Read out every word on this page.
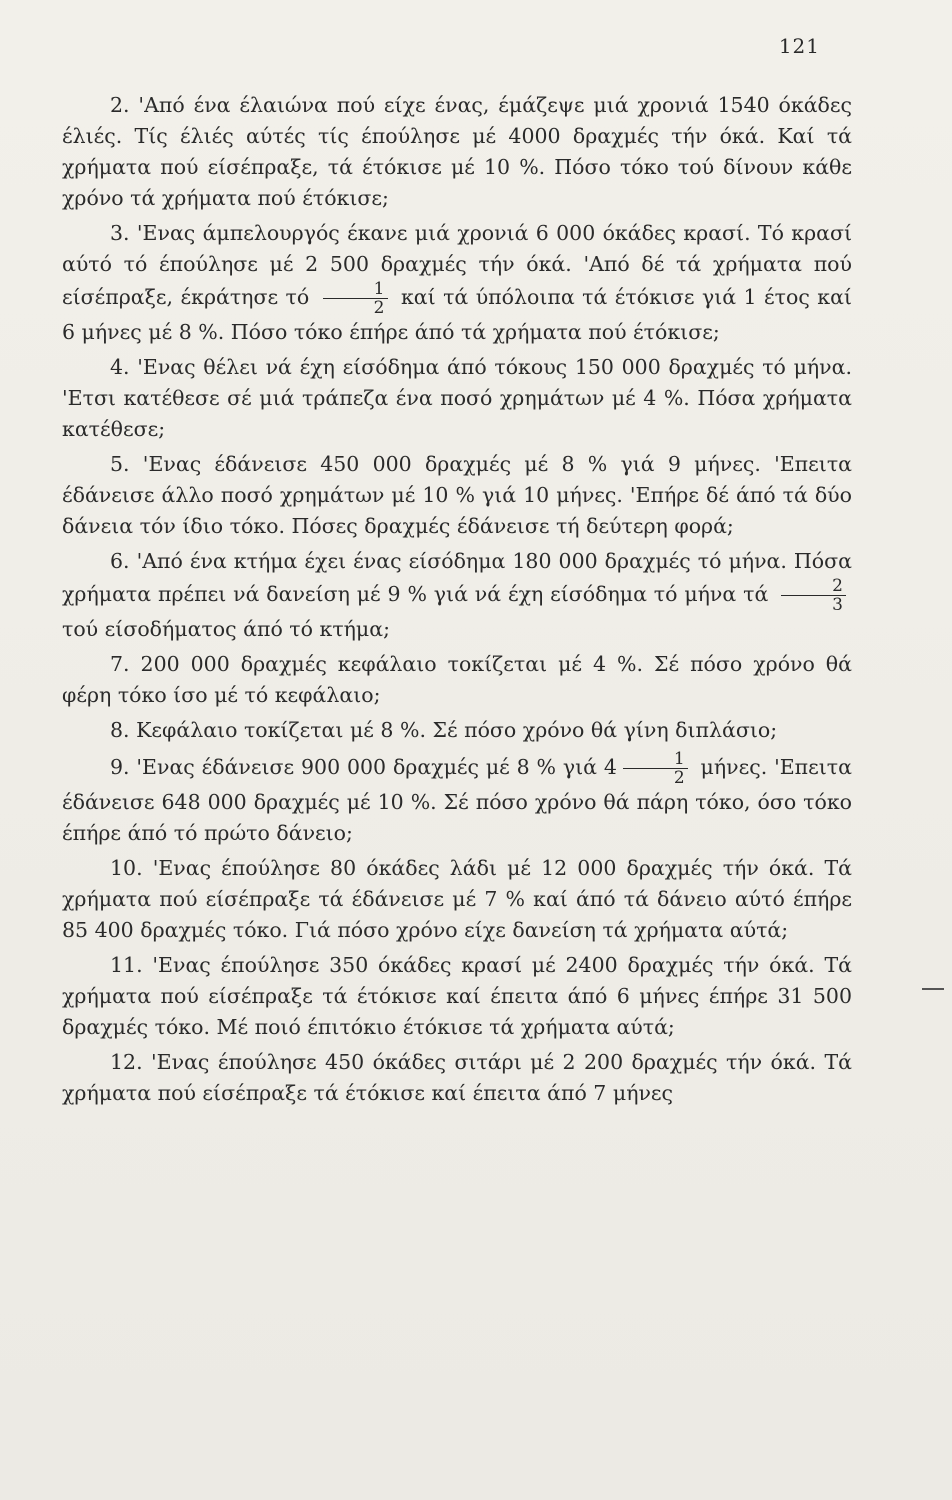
121

2. 'Από ένα έλαιώνα πού είχε ένας, έμάζεψε μιά χρονιά 1540 όκάδες έλιές. Τίς έλιές αύτές τίς έπούλησε μέ 4000 δραχμές τήν όκά. Καί τά χρήματα πού είσέπραξε, τά έτόκισε μέ 10 %. Πόσο τόκο τού δίνουν κάθε χρόνο τά χρήματα πού έτόκισε;

3. 'Ενας άμπελουργός έκανε μιά χρονιά 6 000 όκάδες κρασί. Τό κρασί αύτό τό έπούλησε μέ 2 500 δραχμές τήν όκά. 'Από δέ τά χρήματα πού είσέπραξε, έκράτησε τό $\frac{1}{2}$ καί τά ύπόλοιπα τά έτόκισε γιά 1 έτος καί 6 μήνες μέ 8 %. Πόσο τόκο έπήρε άπό τά χρήματα πού έτόκισε;

4. 'Ενας θέλει νά έχη είσόδημα άπό τόκους 150 000 δραχμές τό μήνα. 'Ετσι κατέθεσε σέ μιά τράπεζα ένα ποσό χρημάτων μέ 4 %. Πόσα χρήματα κατέθεσε;

5. 'Ενας έδάνεισε 450 000 δραχμές μέ 8 % γιά 9 μήνες. 'Επειτα έδάνεισε άλλο ποσό χρημάτων μέ 10 % γιά 10 μήνες. 'Επήρε δέ άπό τά δύο δάνεια τόν ίδιο τόκο. Πόσες δραχμές έδάνεισε τή δεύτερη φορά;

6. 'Από ένα κτήμα έχει ένας είσόδημα 180 000 δραχμές τό μήνα. Πόσα χρήματα πρέπει νά δανείση μέ 9 % γιά νά έχη είσόδημα τό μήνα τά $\frac{2}{3}$
τού είσοδήματος άπό τό κτήμα;

7. 200 000 δραχμές κεφάλαιο τοκίζεται μέ 4 %. Σέ πόσο χρόνο θά φέρη τόκο ίσο μέ τό κεφάλαιο;

8. Κεφάλαιο τοκίζεται μέ 8 %. Σέ πόσο χρόνο θά γίνη διπλάσιο;

9. 'Ενας έδάνεισε 900 000 δραχμές μέ 8 % γιά $4 \frac{1}{2} \mu ή\nu\varepsilon\varsigma$. 'Επειτα έδάνεισε 648 000 δραχμές μέ 10 %. Σέ πόσο χρόνο θά πάρη τόκο, όσο τόκο έπήρε άπό τό πρώτο δάνειο;

10. 'Ενας έπούλησε 80 όκάδες λάδι μέ 12 000 δραχμές τήν όκά. Τά χρήματα πού είσέπραξε τά έδάνεισε μέ 7 % καί άπό τά δάνειο αύτό έπήρε 85 400 δραχμές τόκο. Γιά πόσο χρόνο είχε δανείση τά χρήματα αύτά;

11. 'Ενας έπούλησε 350 όκάδες κρασί μέ 2400 δραχμές τήν όκά. Τά χρήματα πού είσέπραξε τά έτόκισε καί έπειτα άπό 6 μήνες έπήρε 31 500 δραχμές τόκο. Μέ ποιό έπιτόκιο έτόκισε τά χρήματα αύτά;

12. 'Ενας έπούλησε 450 όκάδες σιτάρι μέ 2 200 δραχμές τήν όκά. Τά χρήματα πού είσέπραξε τά έτόκισε καί έπειτα άπό 7 μήνες
